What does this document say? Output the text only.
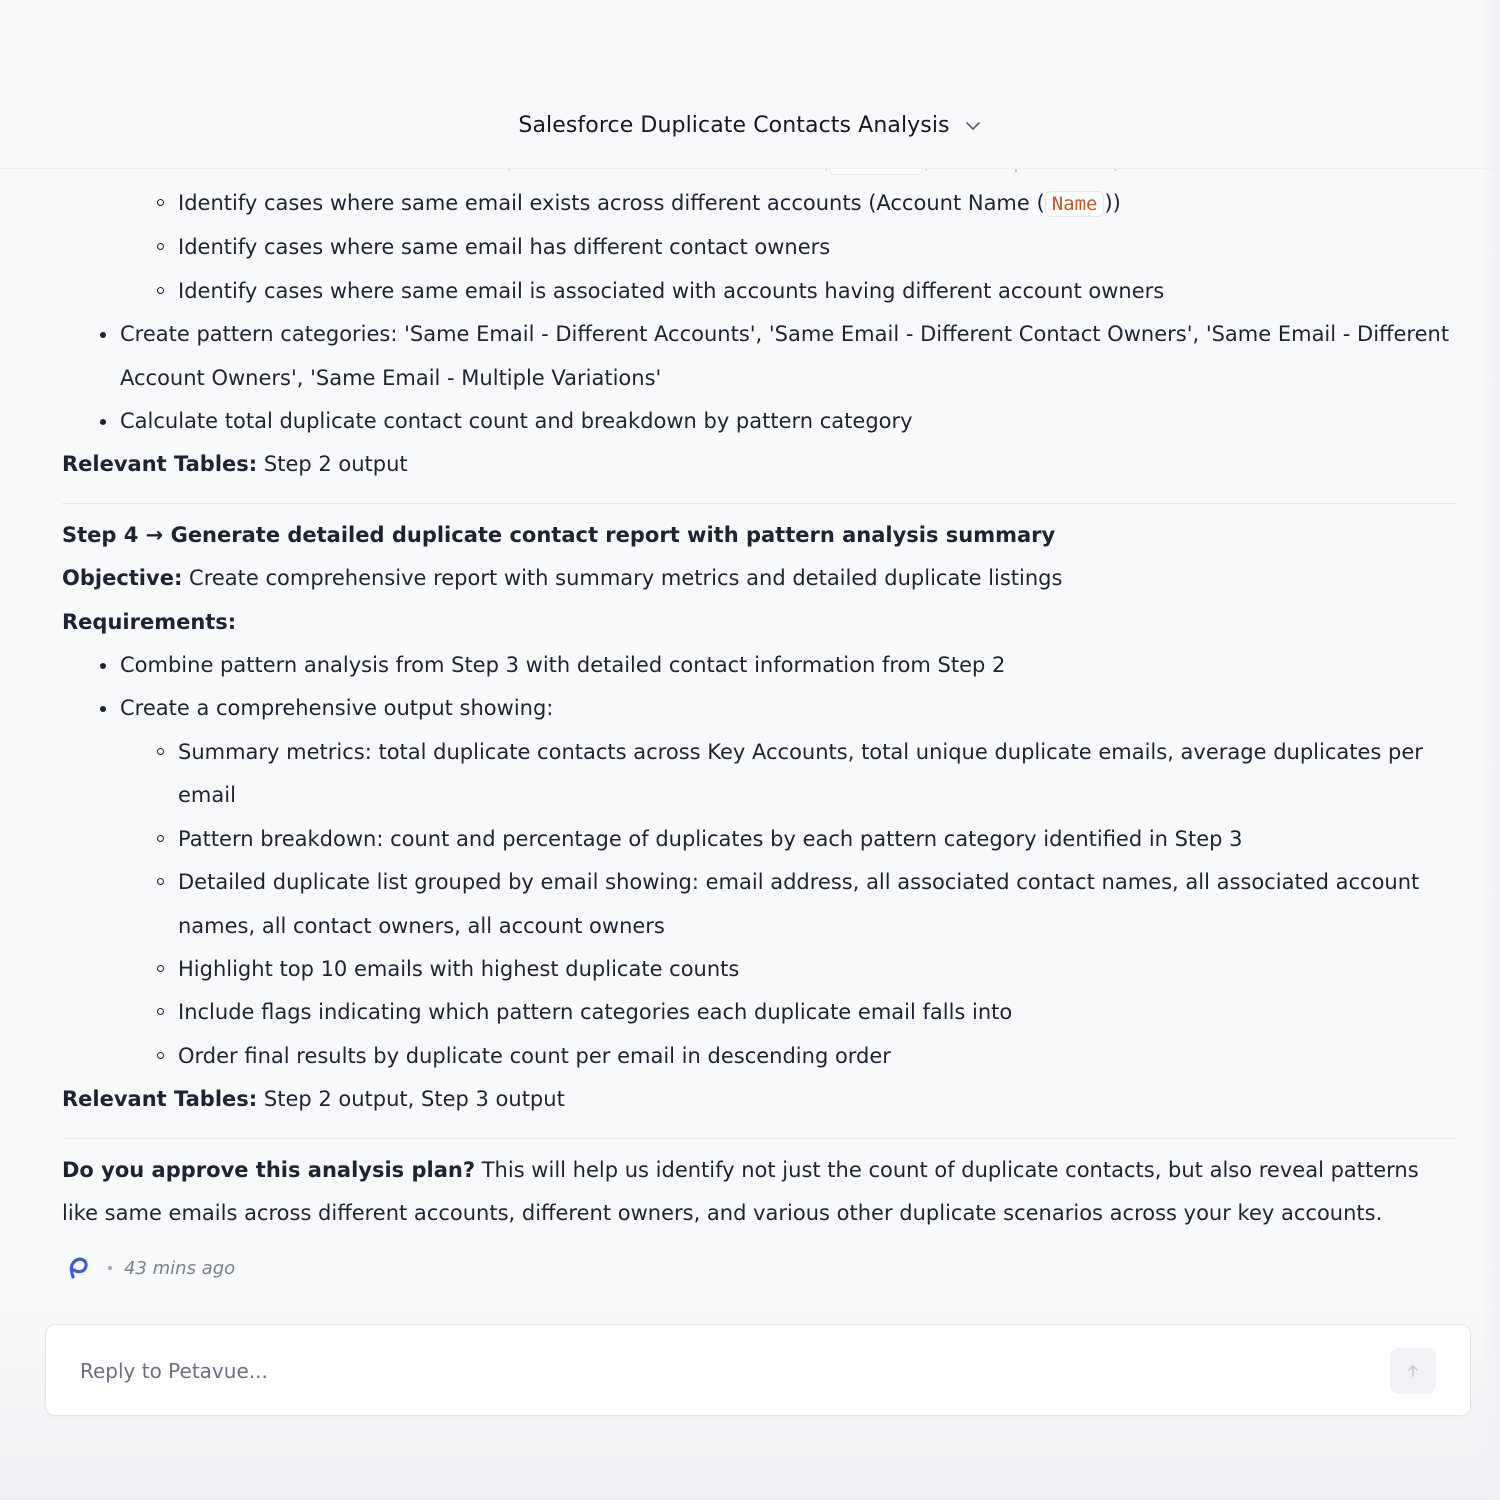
Salesforce Duplicate Contacts Analysis
Identify cases where same email exists across different accounts (Account Name ( Name ))
Identify cases where same email has different contact owners
Identify cases where same email is associated with accounts having different account owners
Create pattern categories: 'Same Email - Different Accounts', 'Same Email - Different Contact Owners', 'Same Email - Different Account Owners', 'Same Email - Multiple Variations'
Calculate total duplicate contact count and breakdown by pattern category

Relevant Tables: Step 2 output

Step 4 → Generate detailed duplicate contact report with pattern analysis summary

Objective: Create comprehensive report with summary metrics and detailed duplicate listings

Requirements:

Combine pattern analysis from Step 3 with detailed contact information from Step 2
Create a comprehensive output showing:
Summary metrics: total duplicate contacts across Key Accounts, total unique duplicate emails, average duplicates per email
Pattern breakdown: count and percentage of duplicates by each pattern category identified in Step 3
Detailed duplicate list grouped by email showing: email address, all associated contact names, all associated account names, all contact owners, all account owners
Highlight top 10 emails with highest duplicate counts
Include flags indicating which pattern categories each duplicate email falls into
Order final results by duplicate count per email in descending order

Relevant Tables: Step 2 output, Step 3 output

Do you approve this analysis plan? This will help us identify not just the count of duplicate contacts, but also reveal patterns like same emails across different accounts, different owners, and various other duplicate scenarios across your key accounts.

43 mins ago
Reply to Petavue...
